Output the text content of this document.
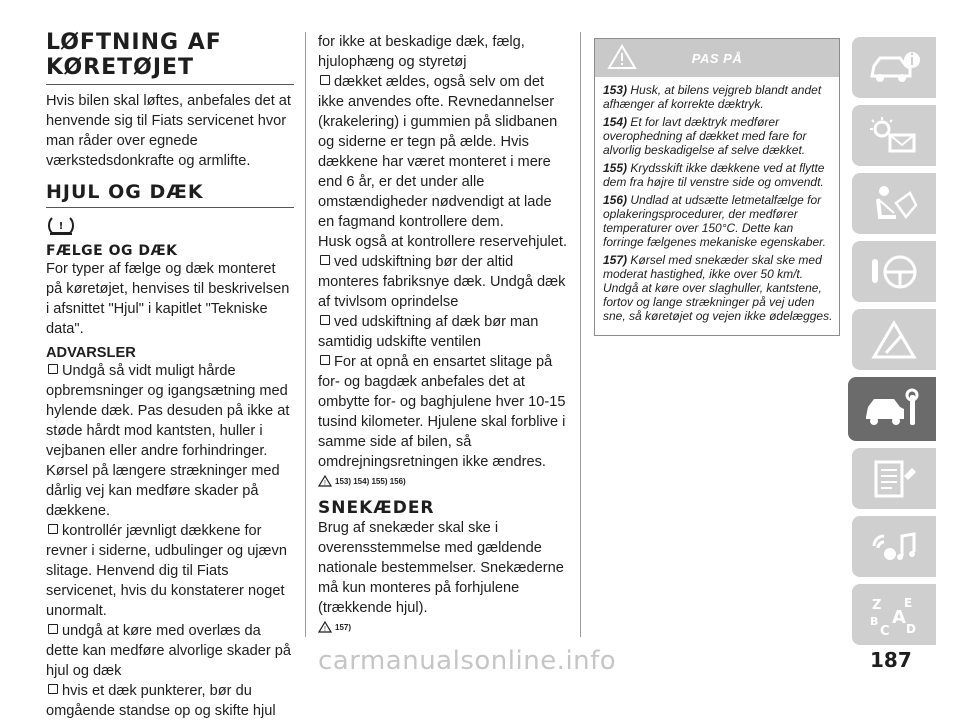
LØFTNING AF
KØRETØJET

Hvis bilen skal løftes, anbefales det at henvende sig til Fiats servicenet hvor man råder over egnede værkstedsdonkrafte og armlifte.

HJUL OG DÆK
!
FÆLGE OG DÆK

For typer af fælge og dæk monteret på køretøjet, henvises til beskrivelsen i afsnittet "Hjul" i kapitlet "Tekniske data".

ADVARSLER

Undgå så vidt muligt hårde opbremsninger og igangsætning med hylende dæk. Pas desuden på ikke at støde hårdt mod kantsten, huller i vejbanen eller andre forhindringer. Kørsel på længere strækninger med dårlig vej kan medføre skader på dækkene.

kontrollér jævnligt dækkene for revner i siderne, udbulinger og ujævn slitage. Henvend dig til Fiats servicenet, hvis du konstaterer noget unormalt.

undgå at køre med overlæs da dette kan medføre alvorlige skader på hjul og dæk

hvis et dæk punkterer, bør du omgående standse op og skifte hjul

for ikke at beskadige dæk, fælg, hjulophæng og styretøj

dækket ældes, også selv om det ikke anvendes ofte. Revnedannelser (krakelering) i gummien på slidbanen og siderne er tegn på ælde. Hvis dækkene har været monteret i mere end 6 år, er det under alle omstændigheder nødvendigt at lade en fagmand kontrollere dem.

Husk også at kontrollere reservehjulet.

ved udskiftning bør der altid monteres fabriksnye dæk. Undgå dæk af tvivlsom oprindelse

ved udskiftning af dæk bør man samtidig udskifte ventilen

For at opnå en ensartet slitage på for- og bagdæk anbefales det at ombytte for- og baghjulene hver 10-15 tusind kilometer. Hjulene skal forblive i samme side af bilen, så omdrejningsretningen ikke ændres.

! 153) 154) 155) 156)
SNEKÆDER

Brug af snekæder skal ske i overensstemmelse med gældende nationale bestemmelser. Snekæderne må kun monteres på forhjulene (trækkende hjul).

! 157)
PAS PÅ

153) Husk, at bilens vejgreb blandt andet afhænger af korrekte dæktryk.

154) Et for lavt dæktryk medfører overophedning af dækket med fare for alvorlig beskadigelse af selve dækket.

155) Krydsskift ikke dækkene ved at flytte dem fra højre til venstre side og omvendt.

156) Undlad at udsætte letmetalfælge for oplakeringsprocedurer, der medfører temperaturer over 150°C. Dette kan forringe fælgenes mekaniske egenskaber.

157) Kørsel med snekæder skal ske med moderat hastighed, ikke over 50 km/t. Undgå at køre over slaghuller, kantstene, fortov og lange strækninger på vej uden sne, så køretøjet og vejen ikke ødelægges.

Z E
B A
C D
187
carmanualsonline.info
